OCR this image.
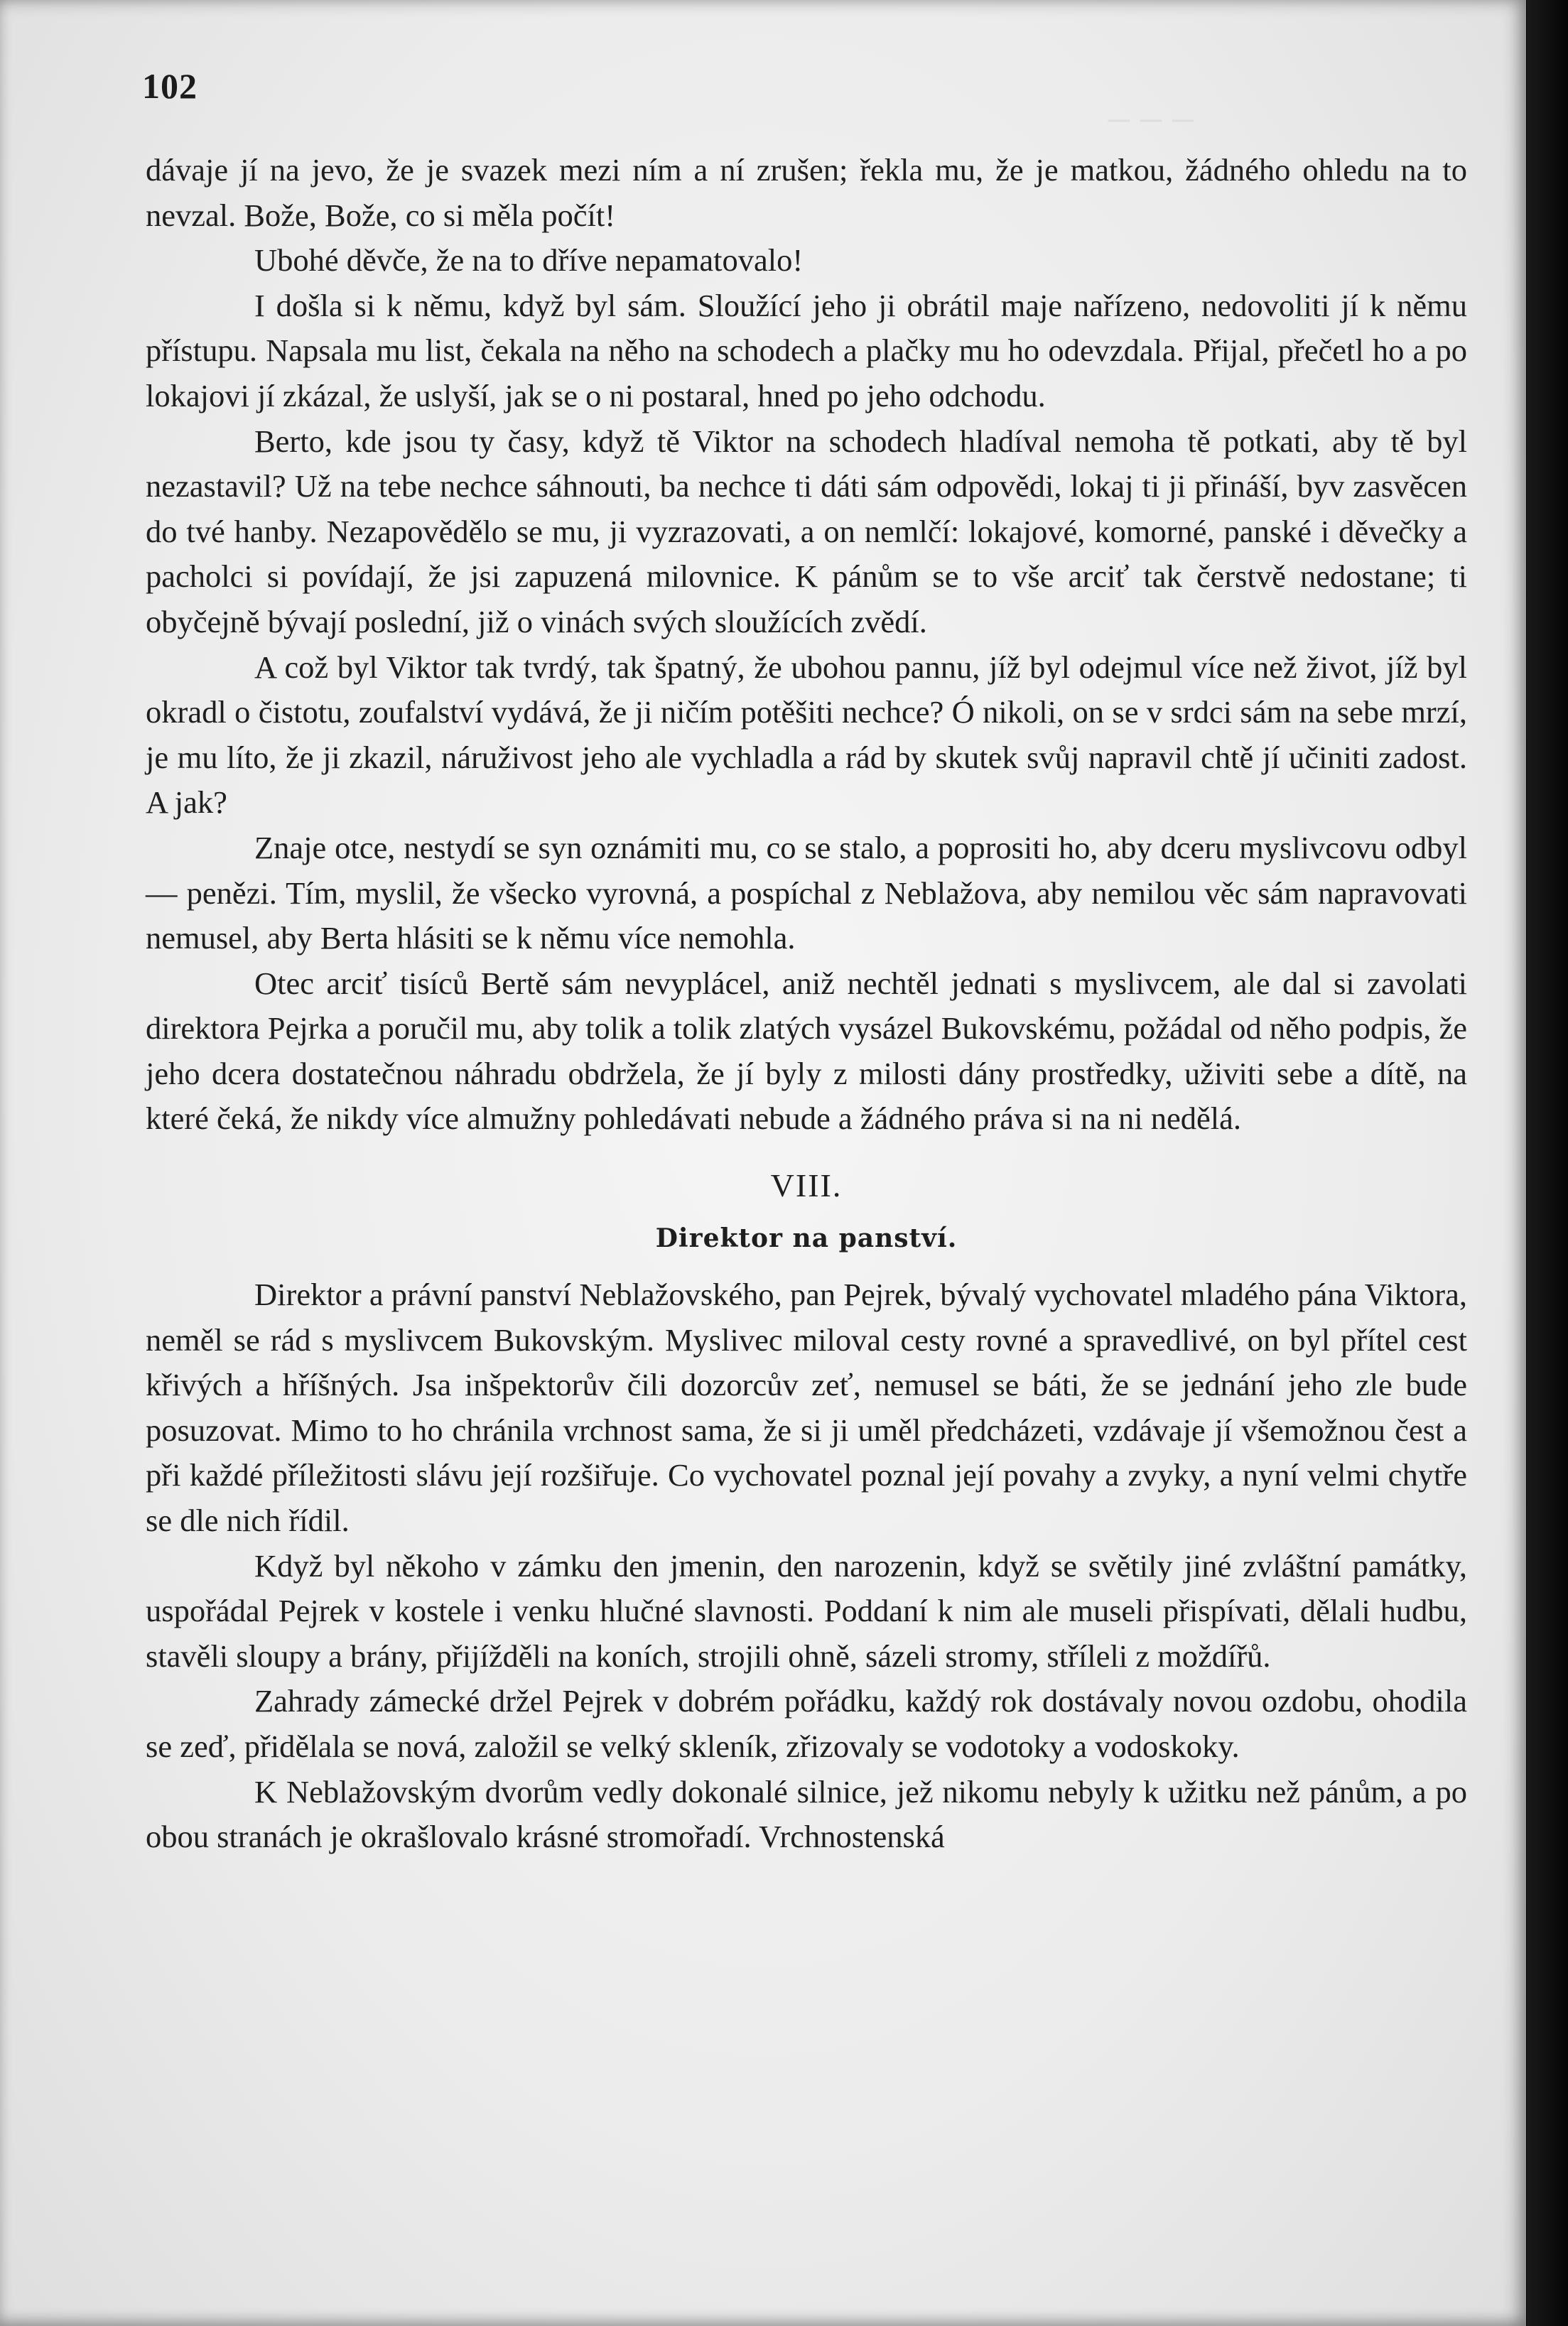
‒ ‒ ‒
102

dávaje jí na jevo, že je svazek mezi ním a ní zrušen; řekla mu, že je matkou, žádného ohledu na to nevzal. Bože, Bože, co si měla počít!

Ubohé děvče, že na to dříve nepamatovalo!

I došla si k němu, když byl sám. Sloužící jeho ji obrátil maje nařízeno, nedovoliti jí k němu přístupu. Napsala mu list, čekala na něho na schodech a plačky mu ho odevzdala. Přijal, přečetl ho a po lokajovi jí zkázal, že uslyší, jak se o ni postaral, hned po jeho odchodu.

Berto, kde jsou ty časy, když tě Viktor na schodech hladíval nemoha tě potkati, aby tě byl nezastavil? Už na tebe nechce sáhnouti, ba nechce ti dáti sám odpovědi, lokaj ti ji přináší, byv zasvěcen do tvé hanby. Nezapovědělo se mu, ji vyzrazovati, a on nemlčí: lokajové, komorné, panské i děvečky a pacholci si povídají, že jsi zapuzená milovnice. K pánům se to vše arciť tak čerstvě nedostane; ti obyčejně bývají poslední, již o vinách svých sloužících zvědí.

A což byl Viktor tak tvrdý, tak špatný, že ubohou pannu, jíž byl odejmul více než život, jíž byl okradl o čistotu, zoufalství vydává, že ji ničím potěšiti nechce? Ó nikoli, on se v srdci sám na sebe mrzí, je mu líto, že ji zkazil, náruživost jeho ale vychladla a rád by skutek svůj napravil chtě jí učiniti zadost. A jak?

Znaje otce, nestydí se syn oznámiti mu, co se stalo, a poprositi ho, aby dceru myslivcovu odbyl — penězi. Tím, myslil, že všecko vyrovná, a pospíchal z Neblažova, aby nemilou věc sám napravovati nemusel, aby Berta hlásiti se k němu více nemohla.

Otec arciť tisíců Bertě sám nevyplácel, aniž nechtěl jednati s myslivcem, ale dal si zavolati direktora Pejrka a poručil mu, aby tolik a tolik zlatých vysázel Bukovskému, požádal od něho podpis, že jeho dcera dostatečnou náhradu obdržela, že jí byly z milosti dány prostředky, uživiti sebe a dítě, na které čeká, že nikdy více almužny pohledávati nebude a žádného práva si na ni nedělá.

VIII.
Direktor na panství.

Direktor a právní panství Neblažovského, pan Pejrek, bývalý vychovatel mladého pána Viktora, neměl se rád s myslivcem Bukovským. Myslivec miloval cesty rovné a spravedlivé, on byl přítel cest křivých a hříšných. Jsa inšpektorův čili dozorcův zeť, nemusel se báti, že se jednání jeho zle bude posuzovat. Mimo to ho chránila vrchnost sama, že si ji uměl předcházeti, vzdávaje jí všemožnou čest a při každé příležitosti slávu její rozšiřuje. Co vychovatel poznal její povahy a zvyky, a nyní velmi chytře se dle nich řídil.

Když byl někoho v zámku den jmenin, den narozenin, když se světily jiné zvláštní památky, uspořádal Pejrek v kostele i venku hlučné slavnosti. Poddaní k nim ale museli přispívati, dělali hudbu, stavěli sloupy a brány, přijížděli na koních, strojili ohně, sázeli stromy, stříleli z moždířů.

Zahrady zámecké držel Pejrek v dobrém pořádku, každý rok dostávaly novou ozdobu, ohodila se zeď, přidělala se nová, založil se velký skleník, zřizovaly se vodotoky a vodoskoky.

K Neblažovským dvorům vedly dokonalé silnice, jež nikomu nebyly k užitku než pánům, a po obou stranách je okrašlovalo krásné stromořadí. Vrchnostenská
